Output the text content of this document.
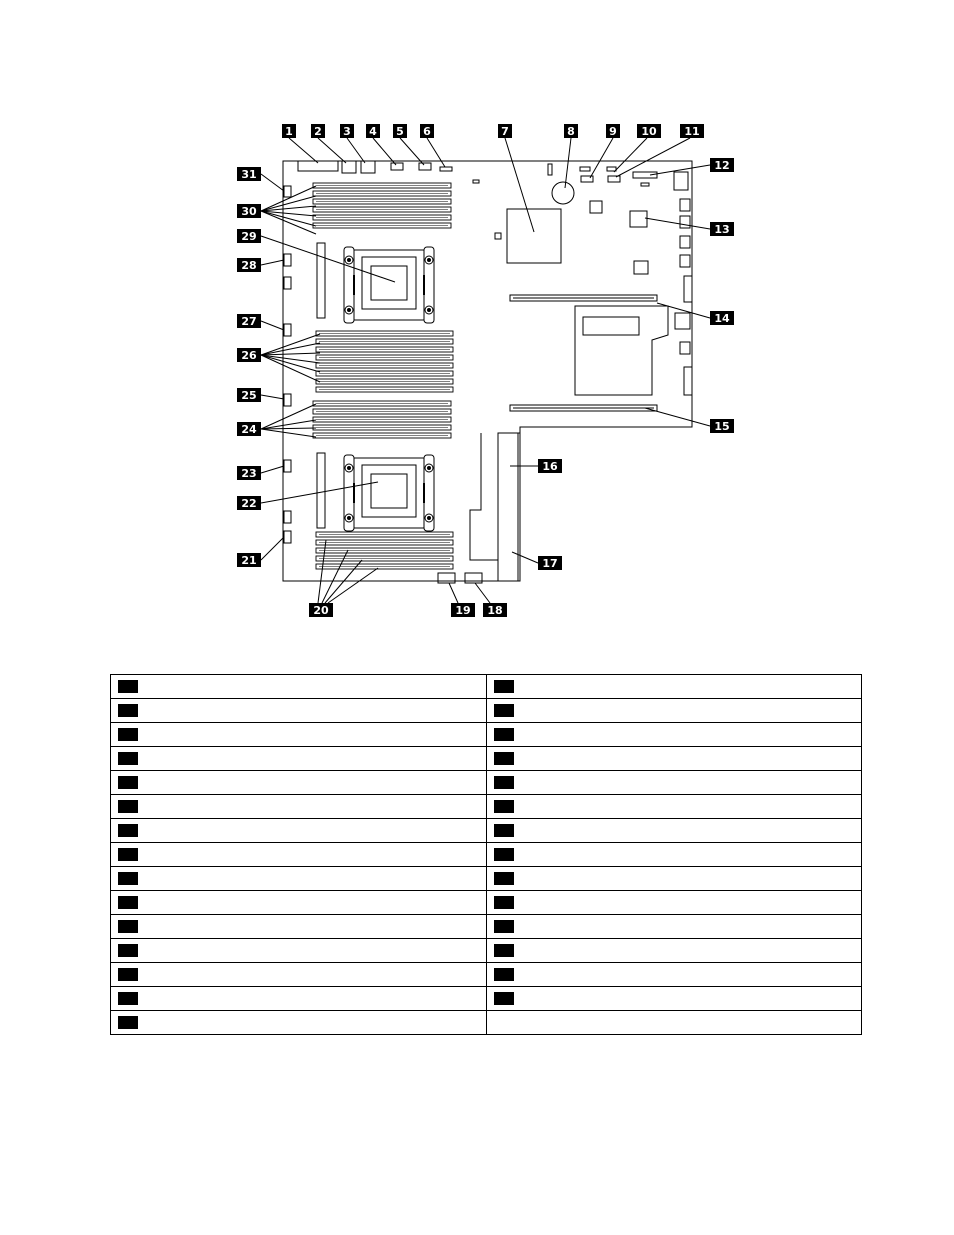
1 2 3 4 5 6	7	8	9 10	11
12
13
14
15
16
17
18
19
20
21
22
23
24
25
26
27
28
29
30
31
